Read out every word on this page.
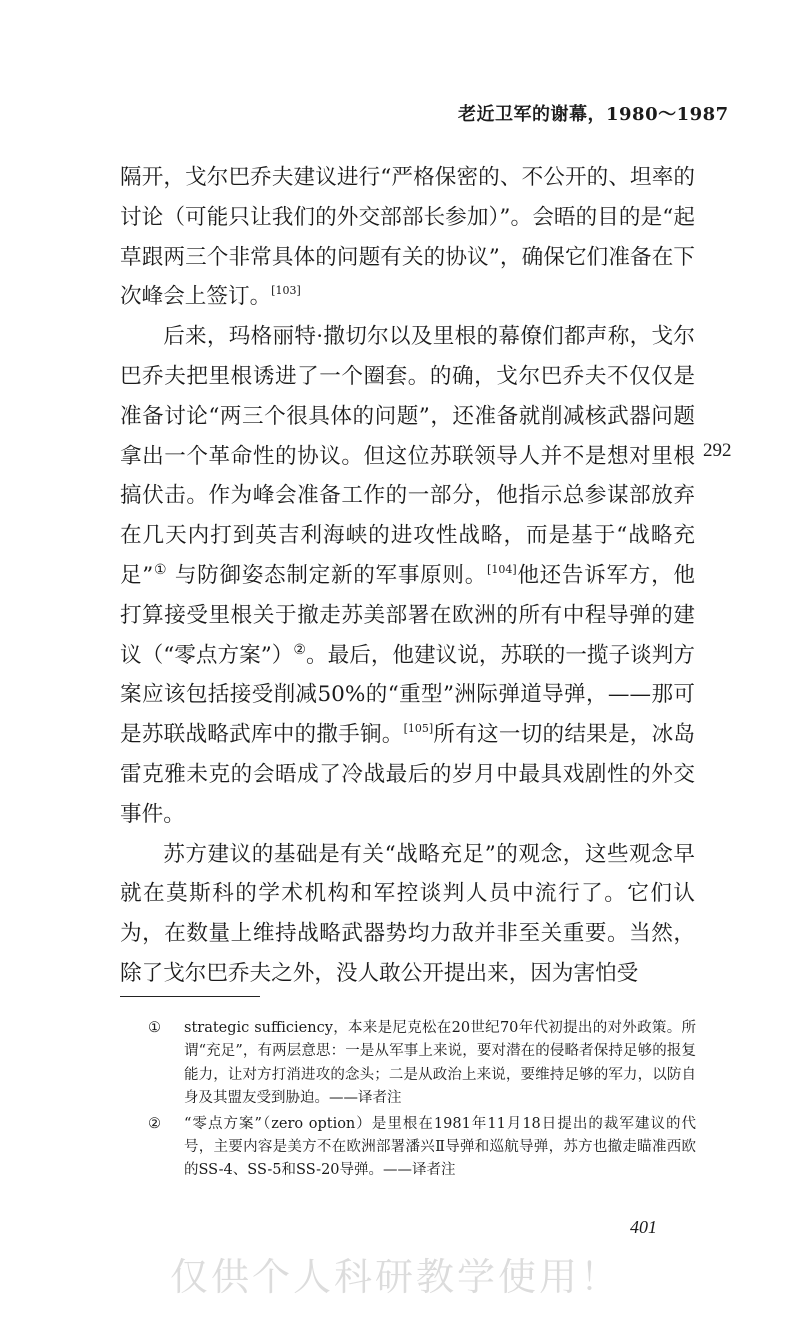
老近卫军的谢幕，1980～1987

隔开，戈尔巴乔夫建议进行“严格保密的、不公开的、坦率的讨论（可能只让我们的外交部部长参加）”。会晤的目的是“起草跟两三个非常具体的问题有关的协议”，确保它们准备在下次峰会上签订。[103]

后来，玛格丽特·撒切尔以及里根的幕僚们都声称，戈尔巴乔夫把里根诱进了一个圈套。的确，戈尔巴乔夫不仅仅是准备讨论“两三个很具体的问题”，还准备就削减核武器问题拿出一个革命性的协议。但这位苏联领导人并不是想对里根搞伏击。作为峰会准备工作的一部分，他指示总参谋部放弃在几天内打到英吉利海峡的进攻性战略，而是基于“战略充足”① 与防御姿态制定新的军事原则。[104]他还告诉军方，他打算接受里根关于撤走苏美部署在欧洲的所有中程导弹的建议（“零点方案”）②。最后，他建议说，苏联的一揽子谈判方案应该包括接受削减50%的“重型”洲际弹道导弹，——那可是苏联战略武库中的撒手锏。[105]所有这一切的结果是，冰岛雷克雅未克的会晤成了冷战最后的岁月中最具戏剧性的外交事件。

苏方建议的基础是有关“战略充足”的观念，这些观念早就在莫斯科的学术机构和军控谈判人员中流行了。它们认为，在数量上维持战略武器势均力敌并非至关重要。当然，除了戈尔巴乔夫之外，没人敢公开提出来，因为害怕受

292
①	strategic sufficiency，本来是尼克松在20世纪70年代初提出的对外政策。所谓“充足”，有两层意思：一是从军事上来说，要对潜在的侵略者保持足够的报复能力，让对方打消进攻的念头；二是从政治上来说，要维持足够的军力，以防自身及其盟友受到胁迫。——译者注
②	“零点方案”（zero option）是里根在1981年11月18日提出的裁军建议的代号，主要内容是美方不在欧洲部署潘兴Ⅱ导弹和巡航导弹，苏方也撤走瞄准西欧的SS-4、SS-5和SS-20导弹。——译者注
401
仅供个人科研教学使用！
